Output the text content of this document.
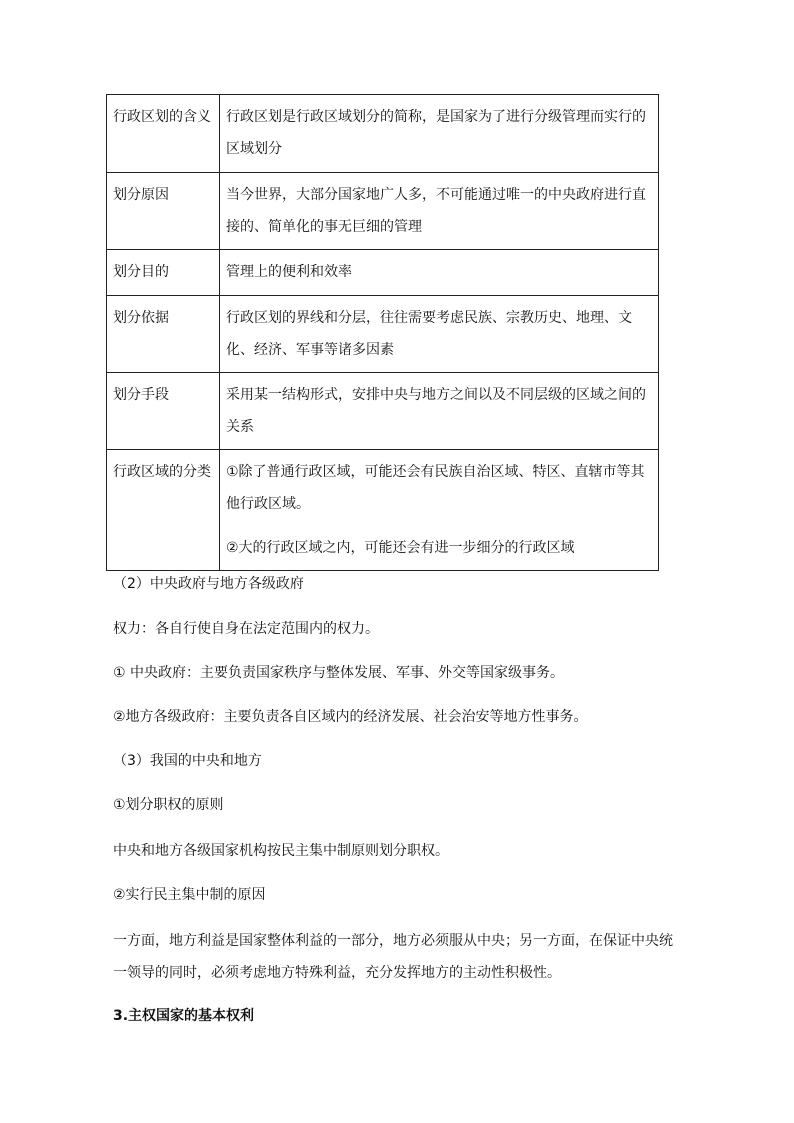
行政区划的含义	行政区划是行政区域划分的简称，是国家为了进行分级管理而实行的区域划分
划分原因	当今世界，大部分国家地广人多，不可能通过唯一的中央政府进行直接的、简单化的事无巨细的管理
划分目的	管理上的便利和效率
划分依据	行政区划的界线和分层，往往需要考虑民族、宗教历史、地理、文化、经济、军事等诸多因素
划分手段	采用某一结构形式，安排中央与地方之间以及不同层级的区域之间的关系
行政区域的分类	①除了普通行政区域，可能还会有民族自治区域、特区、直辖市等其他行政区域。

②大的行政区域之内，可能还会有进一步细分的行政区域

（2）中央政府与地方各级政府

权力：各自行使自身在法定范围内的权力。

① 中央政府：主要负责国家秩序与整体发展、军事、外交等国家级事务。

②地方各级政府：主要负责各自区域内的经济发展、社会治安等地方性事务。

（3）我国的中央和地方

①划分职权的原则

中央和地方各级国家机构按民主集中制原则划分职权。

②实行民主集中制的原因

一方面，地方利益是国家整体利益的一部分，地方必须服从中央；另一方面，在保证中央统一领导的同时，必须考虑地方特殊利益，充分发挥地方的主动性积极性。

3.主权国家的基本权利
